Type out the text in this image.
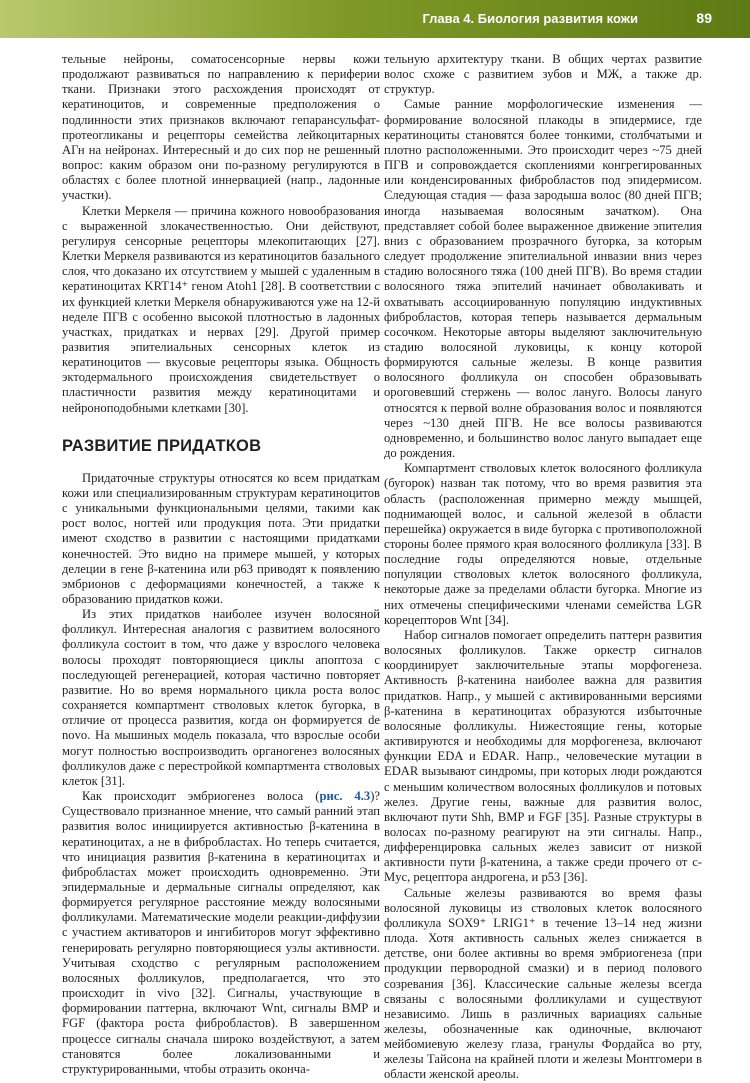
Глава 4. Биология развития кожи	89

тельные нейроны, соматосенсорные нервы кожи продолжают развиваться по направлению к периферии ткани. Признаки этого расхождения происходят от кератиноцитов, и современные предположения о подлинности этих признаков включают гепарансульфат-протеогликаны и рецепторы семейства лейкоцитарных АГн на нейронах. Интересный и до сих пор не решенный вопрос: каким образом они по-разному регулируются в областях с более плотной иннервацией (напр., ладонные участки).

Клетки Меркеля — причина кожного новообразования с выраженной злокачественностью. Они действуют, регулируя сенсорные рецепторы млекопитающих [27]. Клетки Меркеля развиваются из кератиноцитов базального слоя, что доказано их отсутствием у мышей с удаленным в кератиноцитах KRT14⁺ геном Atoh1 [28]. В соответствии с их функцией клетки Меркеля обнаруживаются уже на 12-й неделе ПГВ с особенно высокой плотностью в ладонных участках, придатках и нервах [29]. Другой пример развития эпителиальных сенсорных клеток из кератиноцитов — вкусовые рецепторы языка. Общность эктодермального происхождения свидетельствует о пластичности развития между кератиноцитами и нейроноподобными клетками [30].

РАЗВИТИЕ ПРИДАТКОВ

Придаточные структуры относятся ко всем придаткам кожи или специализированным структурам кератиноцитов с уникальными функциональными целями, такими как рост волос, ногтей или продукция пота. Эти придатки имеют сходство в развитии с настоящими придатками конечностей. Это видно на примере мышей, у которых делеции в гене β-катенина или p63 приводят к появлению эмбрионов с деформациями конечностей, а также к образованию придатков кожи.

Из этих придатков наиболее изучен волосяной фолликул. Интересная аналогия с развитием волосяного фолликула состоит в том, что даже у взрослого человека волосы проходят повторяющиеся циклы апоптоза с последующей регенерацией, которая частично повторяет развитие. Но во время нормального цикла роста волос сохраняется компартмент стволовых клеток бугорка, в отличие от процесса развития, когда он формируется de novo. На мышиных модель показала, что взрослые особи могут полностью воспроизводить органогенез волосяных фолликулов даже с перестройкой компартмента стволовых клеток [31].

Как происходит эмбриогенез волоса (рис. 4.3)? Существовало признанное мнение, что самый ранний этап развития волос инициируется активностью β-катенина в кератиноцитах, а не в фибробластах. Но теперь считается, что инициация развития β-катенина в кератиноцитах и фибробластах может происходить одновременно. Эти эпидермальные и дермальные сигналы определяют, как формируется регулярное расстояние между волосяными фолликулами. Математические модели реакции-диффузии с участием активаторов и ингибиторов могут эффективно генерировать регулярно повторяющиеся узлы активности. Учитывая сходство с регулярным расположением волосяных фолликулов, предполагается, что это происходит in vivo [32]. Сигналы, участвующие в формировании паттерна, включают Wnt, сигналы BMP и FGF (фактора роста фибробластов). В завершенном процессе сигналы сначала широко воздействуют, а затем становятся более локализованными и структурированными, чтобы отразить оконча-

тельную архитектуру ткани. В общих чертах развитие волос схоже с развитием зубов и МЖ, а также др. структур.

Самые ранние морфологические изменения — формирование волосяной плакоды в эпидермисе, где кератиноциты становятся более тонкими, столбчатыми и плотно расположенными. Это происходит через ~75 дней ПГВ и сопровождается скоплениями конгрегированных или конденсированных фибробластов под эпидермисом. Следующая стадия — фаза зародыша волос (80 дней ПГВ; иногда называемая волосяным зачатком). Она представляет собой более выраженное движение эпителия вниз с образованием прозрачного бугорка, за которым следует продолжение эпителиальной инвазии вниз через стадию волосяного тяжа (100 дней ПГВ). Во время стадии волосяного тяжа эпителий начинает обволакивать и охватывать ассоциированную популяцию индуктивных фибробластов, которая теперь называется дермальным сосочком. Некоторые авторы выделяют заключительную стадию волосяной луковицы, к концу которой формируются сальные железы. В конце развития волосяного фолликула он способен образовывать ороговевший стержень — волос лануго. Волосы лануго относятся к первой волне образования волос и появляются через ~130 дней ПГВ. Не все волосы развиваются одновременно, и большинство волос лануго выпадает еще до рождения.

Компартмент стволовых клеток волосяного фолликула (бугорок) назван так потому, что во время развития эта область (расположенная примерно между мышцей, поднимающей волос, и сальной железой в области перешейка) окружается в виде бугорка с противоположной стороны более прямого края волосяного фолликула [33]. В последние годы определяются новые, отдельные популяции стволовых клеток волосяного фолликула, некоторые даже за пределами области бугорка. Многие из них отмечены специфическими членами семейства LGR корецепторов Wnt [34].

Набор сигналов помогает определить паттерн развития волосяных фолликулов. Также оркестр сигналов координирует заключительные этапы морфогенеза. Активность β-катенина наиболее важна для развития придатков. Напр., у мышей с активированными версиями β-катенина в кератиноцитах образуются избыточные волосяные фолликулы. Нижестоящие гены, которые активируются и необходимы для морфогенеза, включают функции EDA и EDAR. Напр., человеческие мутации в EDAR вызывают синдромы, при которых люди рождаются с меньшим количеством волосяных фолликулов и потовых желез. Другие гены, важные для развития волос, включают пути Shh, BMP и FGF [35]. Разные структуры в волосах по-разному реагируют на эти сигналы. Напр., дифференцировка сальных желез зависит от низкой активности пути β-катенина, а также среди прочего от c-Myc, рецептора андрогена, и p53 [36].

Сальные железы развиваются во время фазы волосяной луковицы из стволовых клеток волосяного фолликула SOX9⁺ LRIG1⁺ в течение 13–14 нед жизни плода. Хотя активность сальных желез снижается в детстве, они более активны во время эмбриогенеза (при продукции первородной смазки) и в период полового созревания [36]. Классические сальные железы всегда связаны с волосяными фолликулами и существуют независимо. Лишь в различных вариациях сальные железы, обозначенные как одиночные, включают мейбомиевую железу глаза, гранулы Фордайса во рту, железы Тайсона на крайней плоти и железы Монтгомери в области женской ареолы.
